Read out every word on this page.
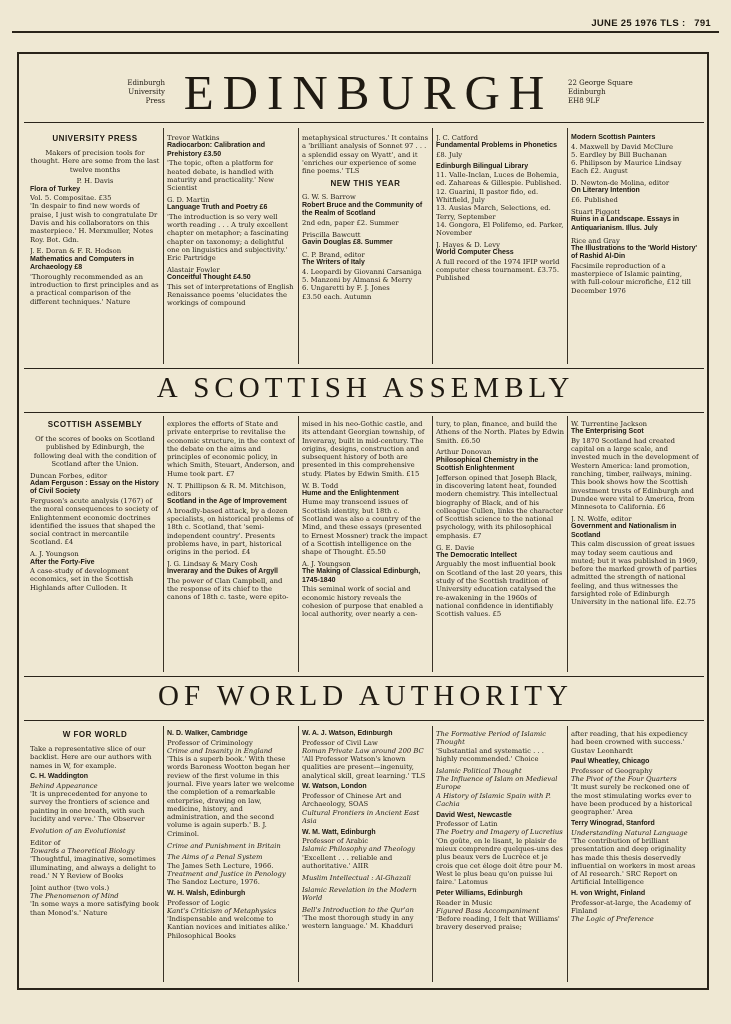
JUNE 25 1976 TLS :   791
Edinburgh
University
Press EDINBURGH	22 George Square
Edinburgh
EH8 9LF
UNIVERSITY PRESS

Makers of precision tools for thought. Here are some from the last twelve months

P. H. Davis
Flora of Turkey
Vol. 5. Compositae. £35

'In despair to find new words of praise, I just wish to congratulate Dr Davis and his collaborators on this masterpiece.' H. Merxmuller, Notes Roy. Bot. Gdn.

J. E. Doran & F. R. Hodson
Mathematics and Computers in Archaeology £8

'Thoroughly recommended as an introduction to first principles and as a practical comparison of the different techniques.' Nature

Trevor Watkins
Radiocarbon: Calibration and Prehistory £3.50

'The topic, often a platform for heated debate, is handled with maturity and practicality.' New Scientist

G. D. Martin
Language Truth and Poetry £6

'The introduction is so very well worth reading . . . A truly excellent chapter on metaphor; a fascinating chapter on taxonomy; a delightful one on linguistics and subjectivity.' Eric Partridge

Alastair Fowler
Conceitful Thought £4.50

This set of interpretations of English Renaissance poems 'elucidates the workings of compound

metaphysical structures.' It contains a 'brilliant analysis of Sonnet 97 . . . a splendid essay on Wyatt', and it 'enriches our experience of some fine poems.' TLS

NEW THIS YEAR
G. W. S. Barrow
Robert Bruce and the Community of the Realm of Scotland

2nd edn, paper £2. Summer

Priscilla Bawcutt

Gavin Douglas £8. Summer

C. P. Brand, editor
The Writers of Italy
4. Leopardi by Giovanni Carsaniga
5. Manzoni by Almansi & Merry
6. Ungaretti by F. J. Jones
£3.50 each. Autumn
J. C. Catford
Fundamental Problems in Phonetics

£8. July

Edinburgh Bilingual Library
11. Valle-Inclan, Luces de Bohemia, ed. Zahareas & Gillespie. Published.
12. Guarini, Il pastor fido, ed. Whitfield, July
13. Ausias March, Selections, ed. Terry, September

14. Gongora, El Polifemo, ed. Parker, November

J. Hayes & D. Levy
World Computer Chess

A full record of the 1974 IFIP world computer chess tournament. £3.75. Published

Modern Scottish Painters
4. Maxwell by David McClure
5. Eardley by Bill Buchanan
6. Philipson by Maurice Lindsay

Each £2. August

D. Newton-de Molina, editor
On Literary Intention

£6. Published

Stuart Piggott

Ruins in a Landscape. Essays in Antiquarianism. Illus. July

Rice and Gray
The Illustrations to the 'World History' of Rashid Al-Din

Facsimile reproduction of a masterpiece of Islamic painting, with full-colour microfiche, £12 till December 1976

A SCOTTISH ASSEMBLY
SCOTTISH ASSEMBLY

Of the scores of books on Scotland published by Edinburgh, the following deal with the condition of Scotland after the Union.

Duncan Forbes, editor
Adam Ferguson : Essay on the History of Civil Society

Ferguson's acute analysis (1767) of the moral consequences to society of Enlightenment economic doctrines identified the issues that shaped the social contract in mercantile Scotland. £4

A. J. Youngson
After the Forty-Five

A case-study of development economics, set in the Scottish Highlands after Culloden. It

explores the efforts of State and private enterprise to revitalise the economic structure, in the context of the debate on the aims and principles of economic policy, in which Smith, Steuart, Anderson, and Hume took part. £7

N. T. Phillipson & R. M. Mitchison, editors
Scotland in the Age of Improvement

A broadly-based attack, by a dozen specialists, on historical problems of 18th c. Scotland, that 'semi-independent country'. Presents problems have, in part, historical origins in the period. £4

J. G. Lindsay & Mary Cosh
Inveraray and the Dukes of Argyll

The power of Clan Campbell, and the response of its chief to the canons of 18th c. taste, were epito-

mised in his neo-Gothic castle, and its attendant Georgian township, of Inveraray, built in mid-century. The origins, designs, construction and subsequent history of both are presented in this comprehensive study. Plates by Edwin Smith. £15

W. B. Todd
Hume and the Enlightenment

Hume may transcend issues of Scottish identity, but 18th c. Scotland was also a country of the Mind, and these essays (presented to Ernest Mossner) track the impact of a Scottish intelligence on the shape of Thought. £5.50

A. J. Youngson
The Making of Classical Edinburgh, 1745-1840

This seminal work of social and economic history reveals the cohesion of purpose that enabled a local authority, over nearly a cen-

tury, to plan, finance, and build the Athens of the North. Plates by Edwin Smith. £6.50

Arthur Donovan
Philosophical Chemistry in the Scottish Enlightenment

Jefferson opined that Joseph Black, in discovering latent heat, founded modern chemistry. This intellectual biography of Black, and of his colleague Cullen, links the character of Scottish science to the national psychology, with its philosophical emphasis. £7

G. E. Davie
The Democratic Intellect

Arguably the most influential book on Scotland of the last 20 years, this study of the Scottish tradition of University education catalysed the re-awakening in the 1960s of national confidence in identifiably Scottish values. £5

W. Turrentine Jackson
The Enterprising Scot

By 1870 Scotland had created capital on a large scale, and invested much in the development of Western America: land promotion, ranching, timber, railways, mining. This book shows how the Scottish investment trusts of Edinburgh and Dundee were vital to America, from Minnesota to California. £6

J. N. Wolfe, editor
Government and Nationalism in Scotland

This calm discussion of great issues may today seem cautious and muted; but it was published in 1969, before the marked growth of parties admitted the strength of national feeling, and thus witnesses the farsighted role of Edinburgh University in the national life. £2.75

OF WORLD AUTHORITY
W FOR WORLD

Take a representative slice of our backlist. Here are our authors with names in W, for example.

C. H. Waddington
Behind Appearance

'It is unprecedented for anyone to survey the frontiers of science and painting in one breath, with such lucidity and verve.' The Observer

Evolution of an Evolutionist

Editor of
Towards a Theoretical Biology

'Thoughtful, imaginative, sometimes illuminating, and always a delight to read.' N Y Review of Books

Joint author (two vols.)
The Phenomenon of Mind

'In some ways a more satisfying book than Monod's.' Nature

N. D. Walker, Cambridge
Professor of Criminology
Crime and Insanity in England

'This is a superb book.' With these words Baroness Wootton began her review of the first volume in this journal. Five years later we welcome the completion of a remarkable enterprise, drawing on law, medicine, history, and administration, and the second volume is again superb.' B. J. Criminol.

Crime and Punishment in Britain

The Aims of a Penal System
The James Seth Lecture, 1966.
Treatment and Justice in Penology

The Sandoz Lecture, 1976.

W. H. Walsh, Edinburgh
Professor of Logic
Kant's Criticism of Metaphysics

'Indispensable and welcome to Kantian novices and initiates alike.' Philosophical Books

W. A. J. Watson, Edinburgh
Professor of Civil Law
Roman Private Law around 200 BC

'All Professor Watson's known qualities are present—ingenuity, analytical skill, great learning.' TLS

W. Watson, London
Professor of Chinese Art and Archaeology, SOAS

Cultural Frontiers in Ancient East Asia

W. M. Watt, Edinburgh
Professor of Arabic
Islamic Philosophy and Theology

'Excellent . . . reliable and authoritative.' AIIR

Muslim Intellectual : Al-Ghazali

Islamic Revelation in the Modern World

Bell's Introduction to the Qur'an

'The most thorough study in any western language.' M. Khadduri

The Formative Period of Islamic Thought

'Substantial and systematic . . . highly recommended.' Choice

Islamic Political Thought
The Influence of Islam on Medieval Europe

A History of Islamic Spain with P. Cachia

David West, Newcastle
Professor of Latin
The Poetry and Imagery of Lucretius

'On goûte, en le lisant, le plaisir de mieux comprendre quelques-uns des plus beaux vers de Lucrèce et je crois que cet éloge doit être pour M. West le plus beau qu'on puisse lui faire.' Latomus

Peter Williams, Edinburgh
Reader in Music
Figured Bass Accompaniment

'Before reading, I felt that Williams' bravery deserved praise;

after reading, that his expediency had been crowned with success.' Gustav Leonhardt

Paul Wheatley, Chicago
Professor of Geography
The Pivot of the Four Quarters

'It must surely be reckoned one of the most stimulating works ever to have been produced by a historical geographer.' Area

Terry Winograd, Stanford
Understanding Natural Language

'The contribution of brilliant presentation and deep originality has made this thesis deservedly influential on workers in most areas of AI research.' SRC Report on Artificial Intelligence

H. von Wright, Finland
Professor-at-large, the Academy of Finland
The Logic of Preference
